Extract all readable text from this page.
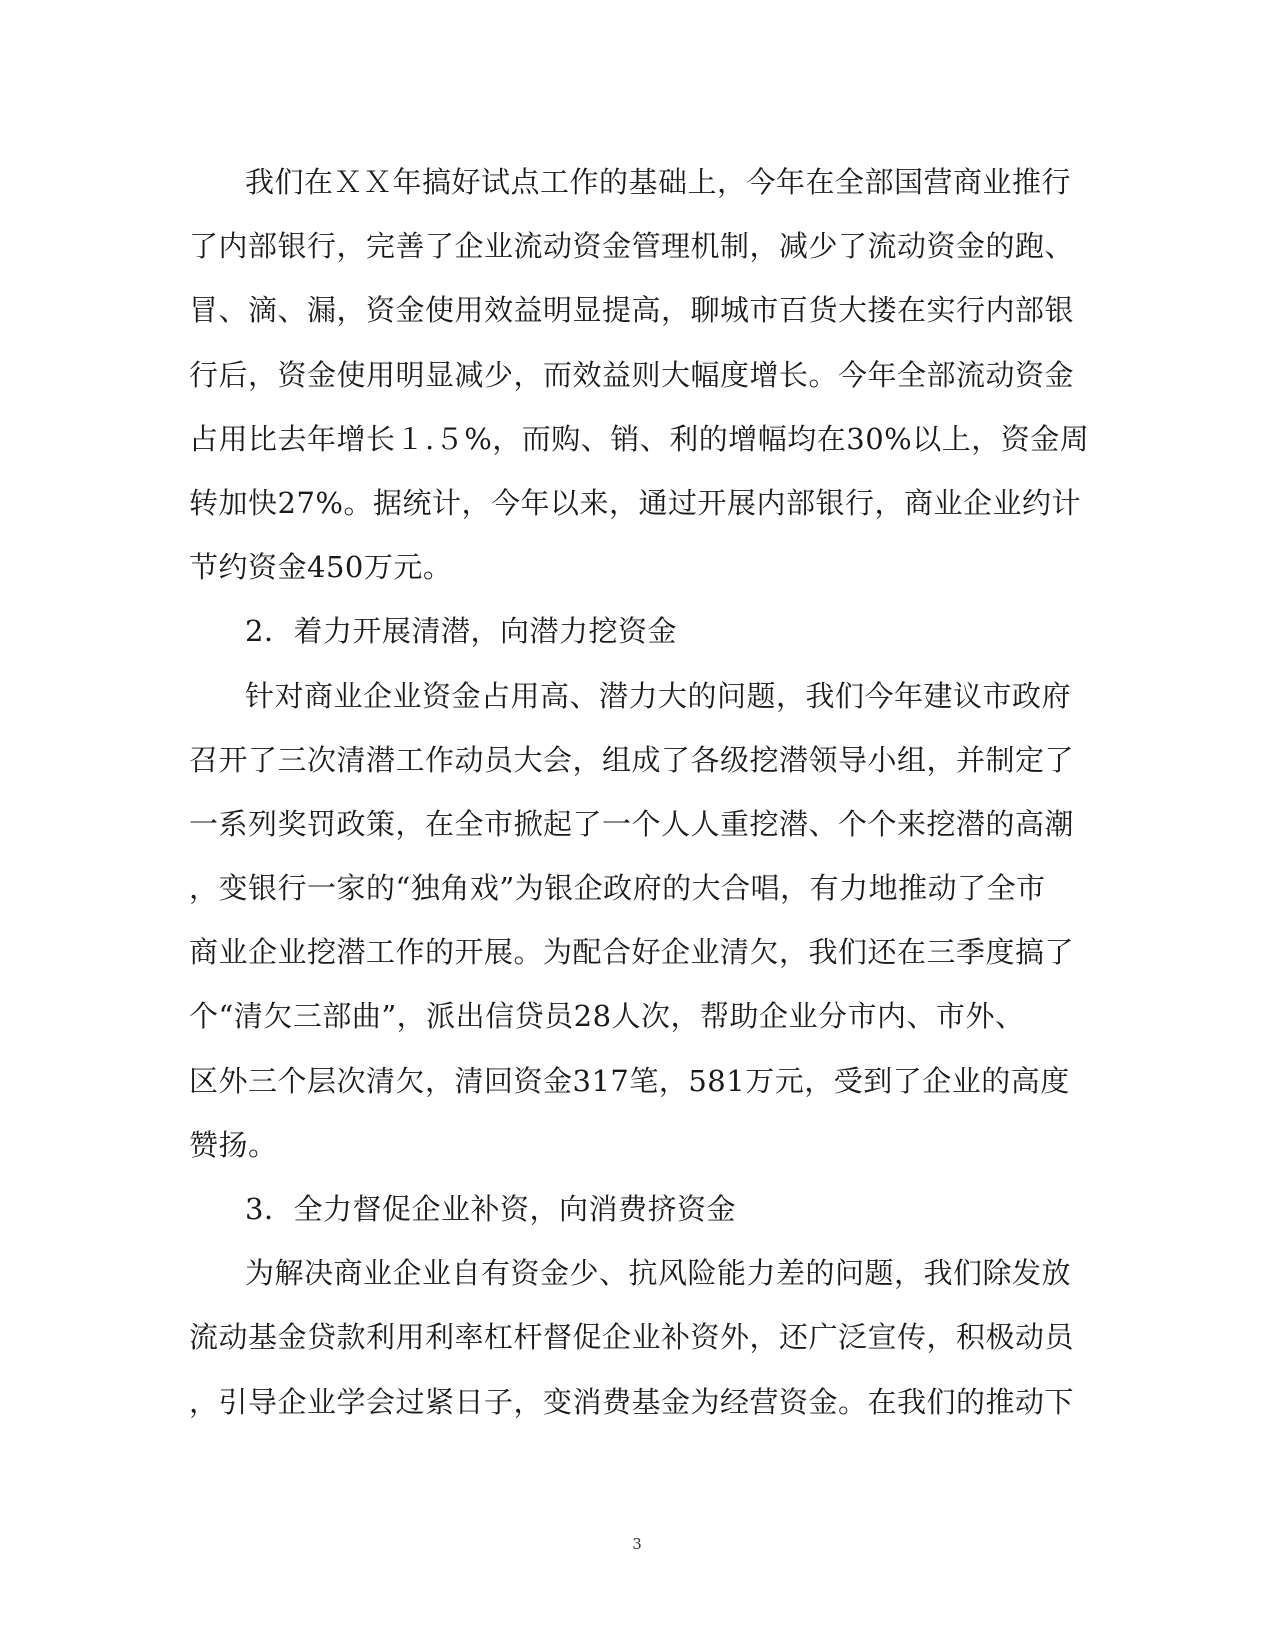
我们在ＸＸ年搞好试点工作的基础上，今年在全部国营商业推行
了内部银行，完善了企业流动资金管理机制，减少了流动资金的跑、
冒、滴、漏，资金使用效益明显提高，聊城市百货大搂在实行内部银
行后，资金使用明显减少，而效益则大幅度增长。今年全部流动资金
占用比去年增长１.５%，而购、销、利的增幅均在30%以上，资金周
转加快27%。据统计，今年以来，通过开展内部银行，商业企业约计
节约资金450万元。
2．着力开展清潜，向潜力挖资金
针对商业企业资金占用高、潜力大的问题，我们今年建议市政府
召开了三次清潜工作动员大会，组成了各级挖潜领导小组，并制定了
一系列奖罚政策，在全市掀起了一个人人重挖潜、个个来挖潜的高潮
，变银行一家的“独角戏”为银企政府的大合唱，有力地推动了全市
商业企业挖潜工作的开展。为配合好企业清欠，我们还在三季度搞了
个“清欠三部曲”，派出信贷员28人次，帮助企业分市内、市外、
区外三个层次清欠，清回资金317笔，581万元，受到了企业的高度
赞扬。
3．全力督促企业补资，向消费挤资金
为解决商业企业自有资金少、抗风险能力差的问题，我们除发放
流动基金贷款利用利率杠杆督促企业补资外，还广泛宣传，积极动员
，引导企业学会过紧日子，变消费基金为经营资金。在我们的推动下
3
